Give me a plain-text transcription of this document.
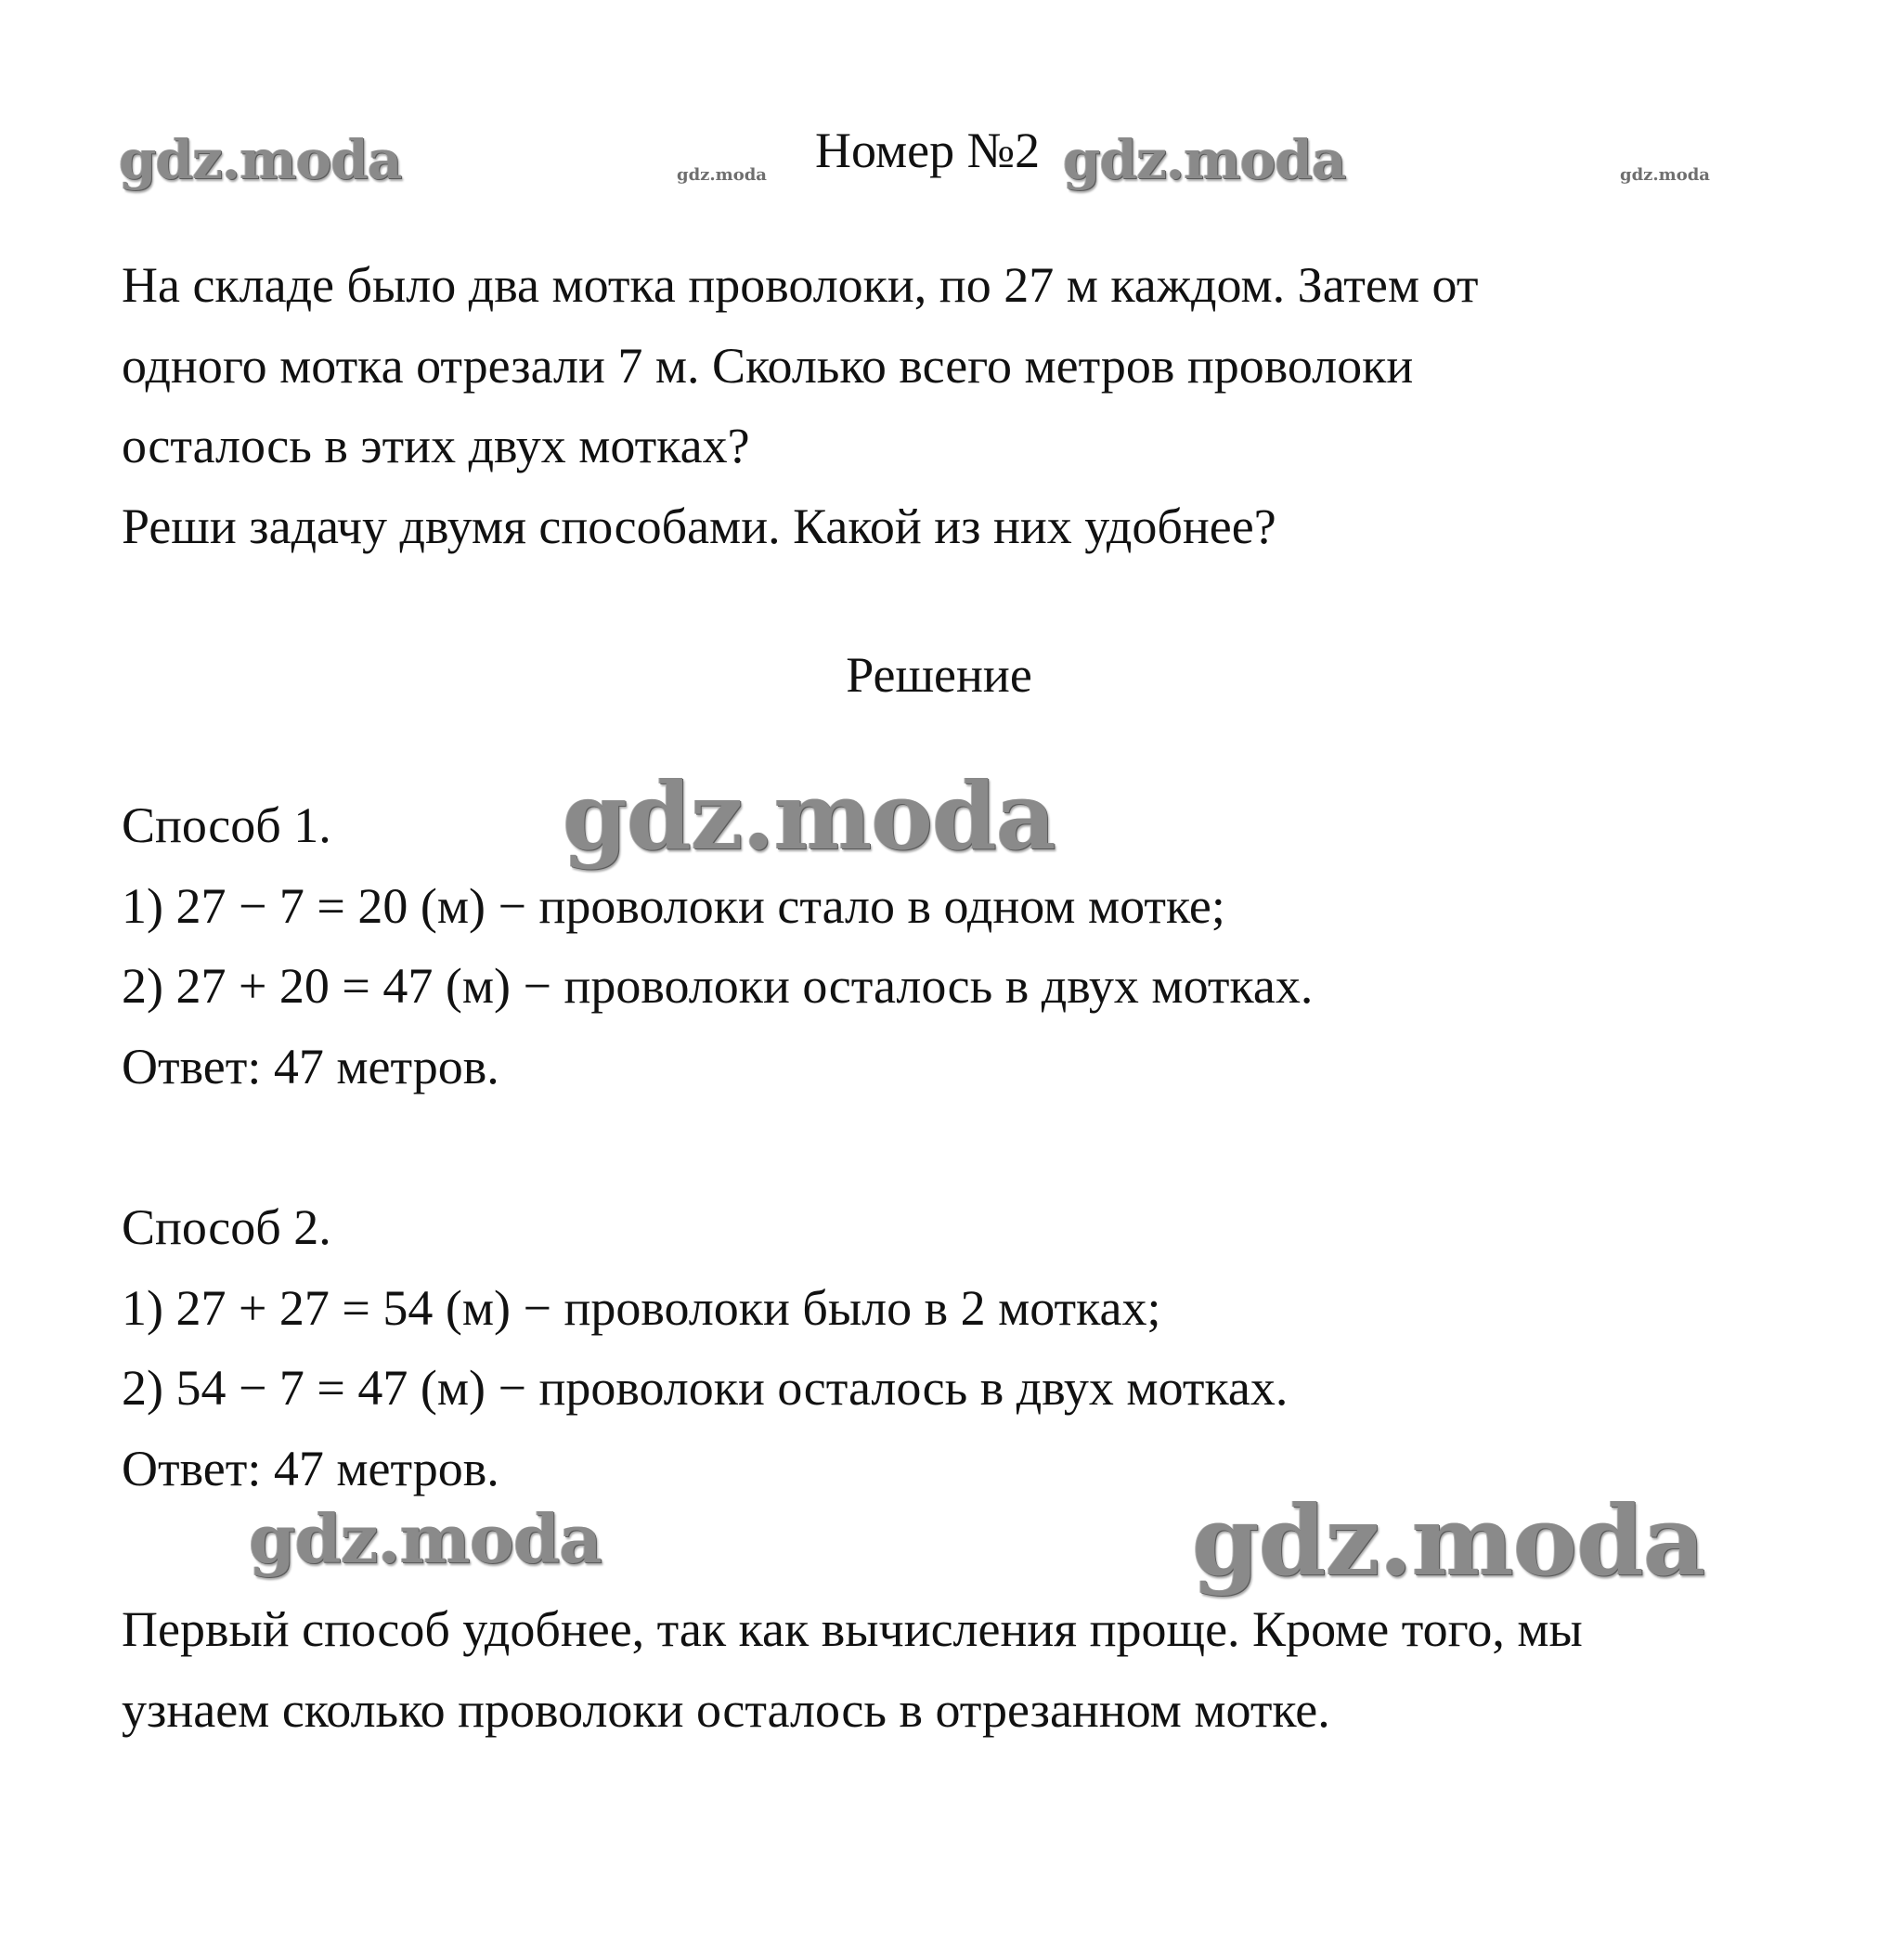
gdz.moda	gdz.moda	gdz.moda	gdz.moda
gdz.moda
gdz.moda	gdz.moda

Номер №2

На складе было два мотка проволоки, по 27 м каждом. Затем от

одного мотка отрезали 7 м. Сколько всего метров проволоки

осталось в этих двух мотках?

Реши задачу двумя способами. Какой из них удобнее?

Решение

Способ 1.

1) 27 − 7 = 20 (м) − проволоки стало в одном мотке;

2) 27 + 20 = 47 (м) − проволоки осталось в двух мотках.

Ответ: 47 метров.

Способ 2.

1) 27 + 27 = 54 (м) − проволоки было в 2 мотках;

2) 54 − 7 = 47 (м) − проволоки осталось в двух мотках.

Ответ: 47 метров.

Первый способ удобнее, так как вычисления проще. Кроме того, мы

узнаем сколько проволоки осталось в отрезанном мотке.
